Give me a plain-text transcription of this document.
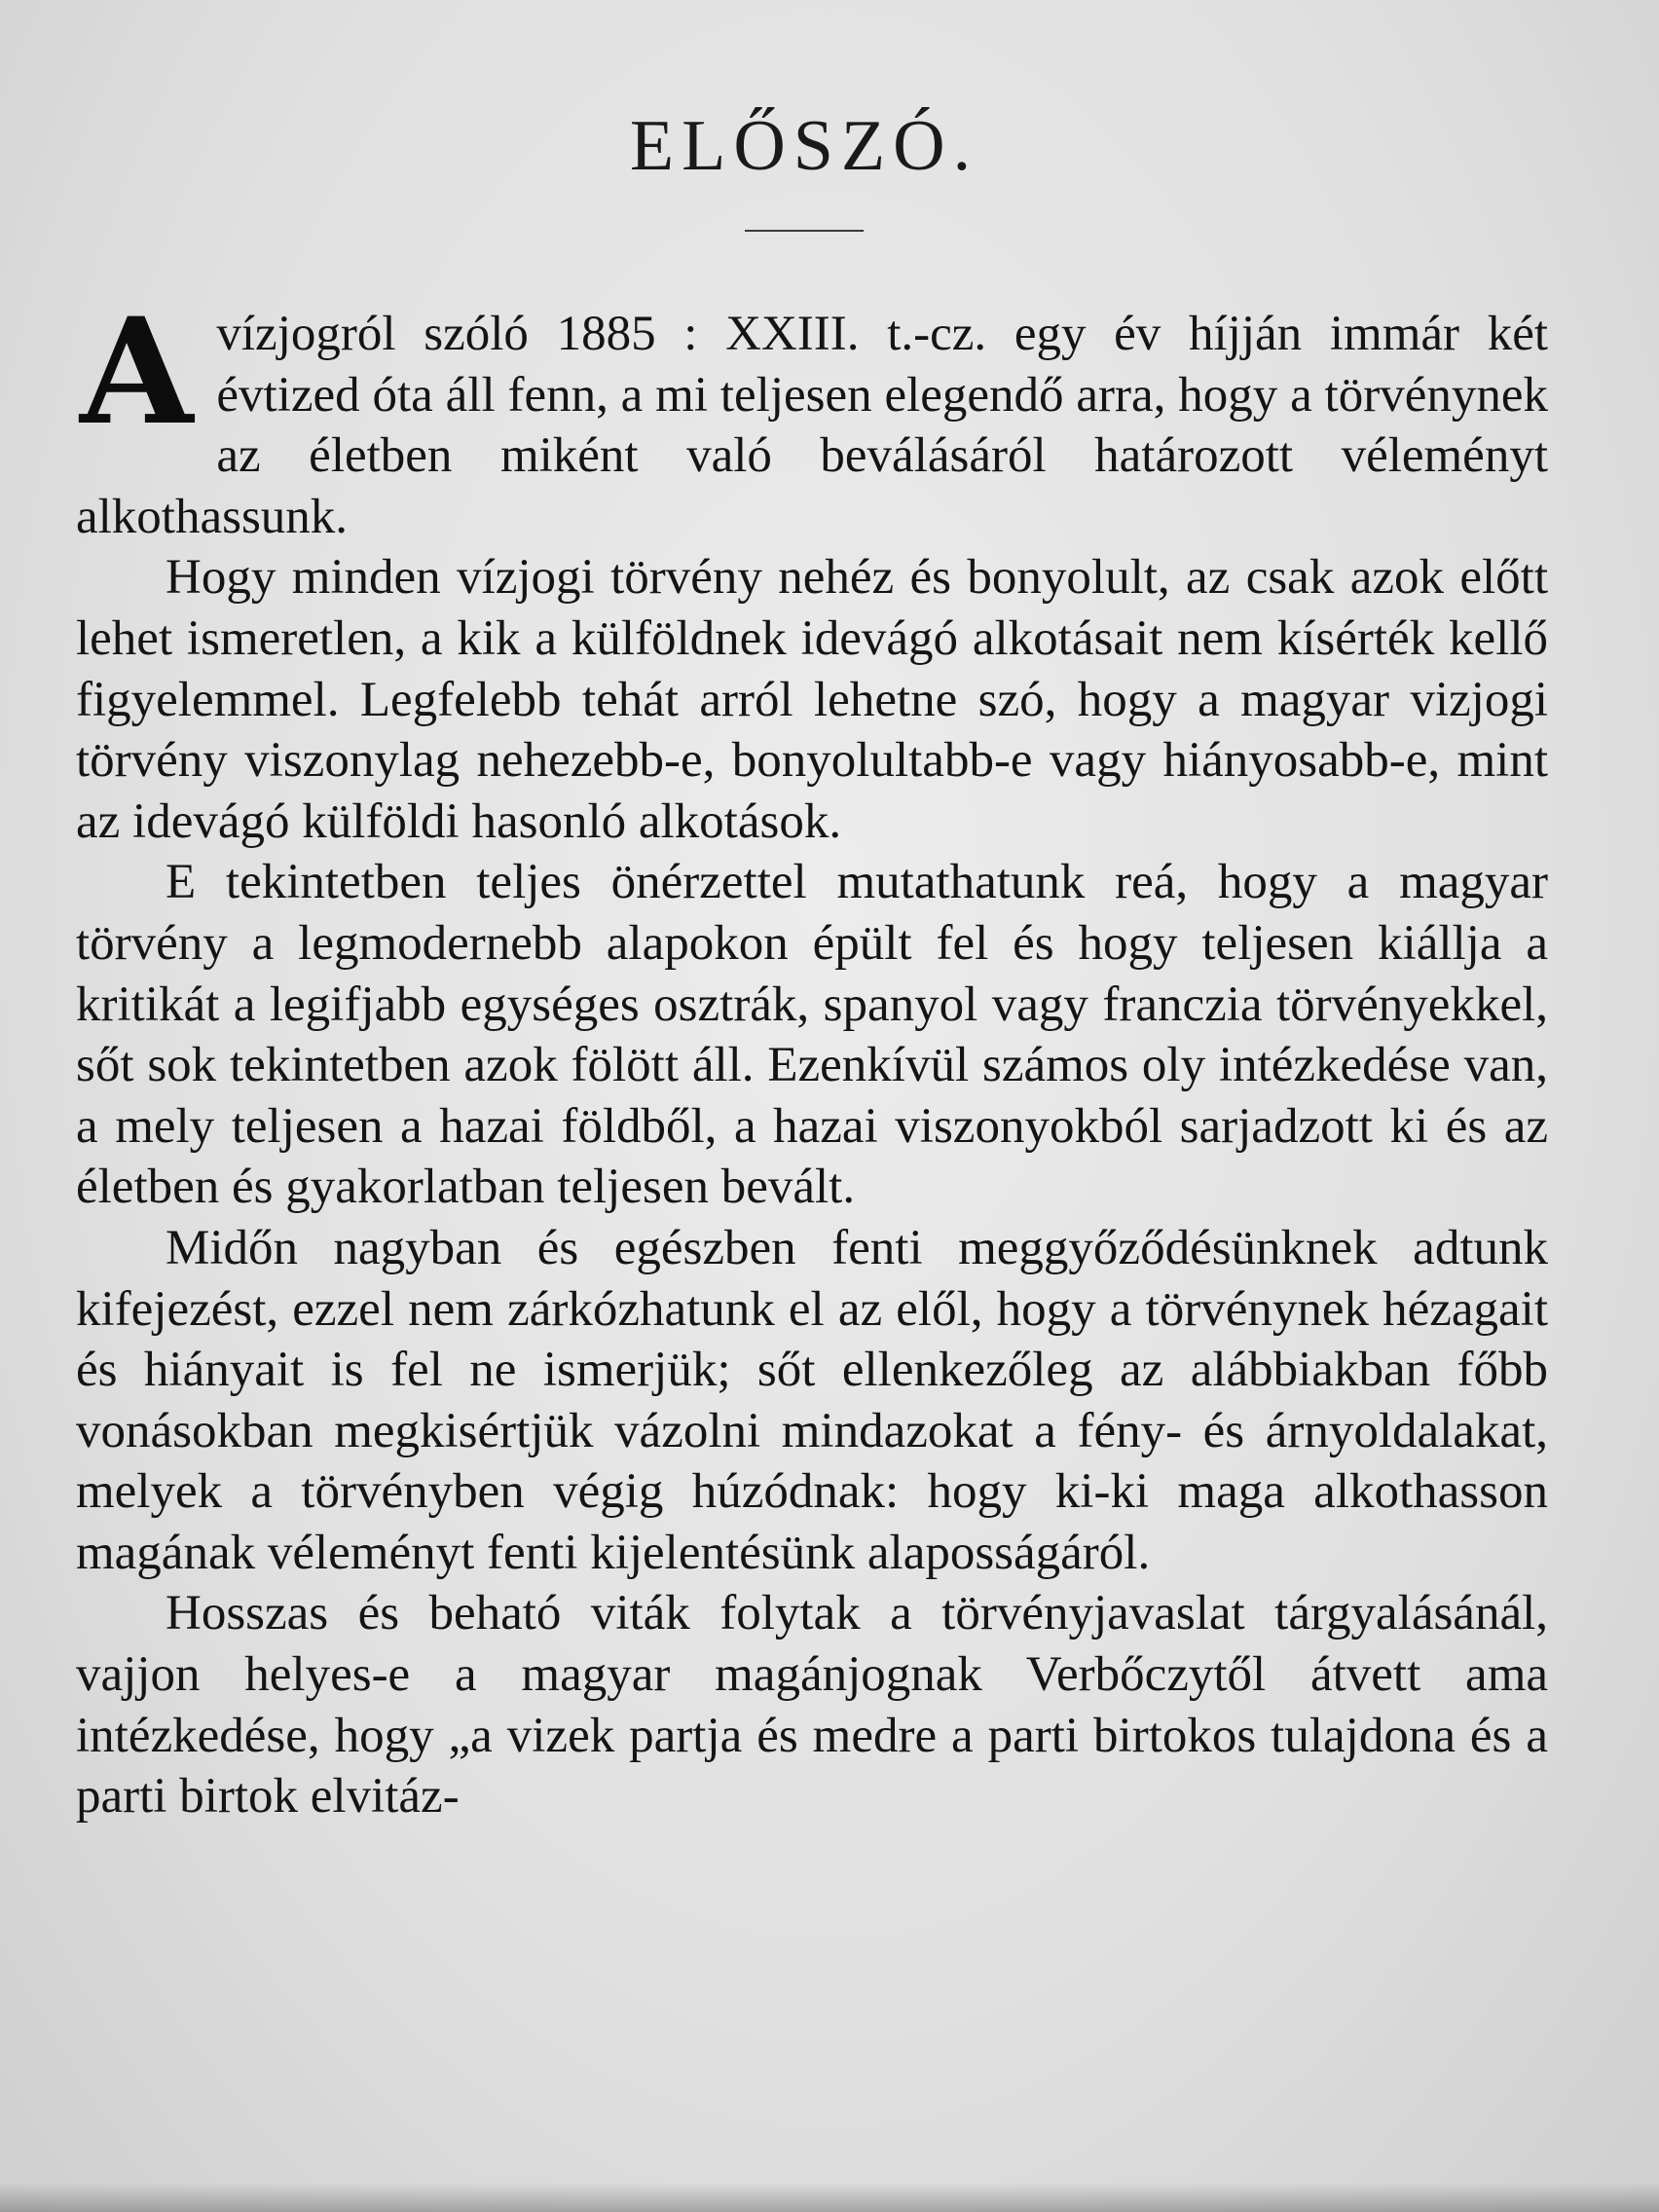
ELŐSZÓ.

Avízjogról szóló 1885 : XXIII. t.-cz. egy év híjján immár két évtized óta áll fenn, a mi teljesen elegendő arra, hogy a törvénynek az életben miként való beválásáról határozott véleményt alkothassunk.

Hogy minden vízjogi törvény nehéz és bonyolult, az csak azok előtt lehet ismeretlen, a kik a külföldnek idevágó alkotásait nem kísérték kellő figyelemmel. Legfelebb tehát arról lehetne szó, hogy a magyar vizjogi törvény viszonylag nehezebb-e, bonyolultabb-e vagy hiányosabb-e, mint az idevágó külföldi hasonló alkotások.

E tekintetben teljes önérzettel mutathatunk reá, hogy a magyar törvény a legmodernebb alapokon épült fel és hogy teljesen kiállja a kritikát a legifjabb egységes osztrák, spanyol vagy franczia törvényekkel, sőt sok tekintetben azok fölött áll. Ezenkívül számos oly intézkedése van, a mely teljesen a hazai földből, a hazai viszonyokból sarjadzott ki és az életben és gyakorlatban teljesen bevált.

Midőn nagyban és egészben fenti meggyőződésünknek adtunk kifejezést, ezzel nem zárkózhatunk el az elől, hogy a törvénynek hézagait és hiányait is fel ne ismerjük; sőt ellenkezőleg az alábbiakban főbb vonásokban megkisértjük vázolni mindazokat a fény- és árnyoldalakat, melyek a törvényben végig húzódnak: hogy ki-ki maga alkothasson magának véleményt fenti kijelentésünk alaposságáról.

Hosszas és beható viták folytak a törvényjavaslat tárgyalásánál, vajjon helyes-e a magyar magánjognak Verbőczytől átvett ama intézkedése, hogy „a vizek partja és medre a parti birtokos tulajdona és a parti birtok elvitáz-
